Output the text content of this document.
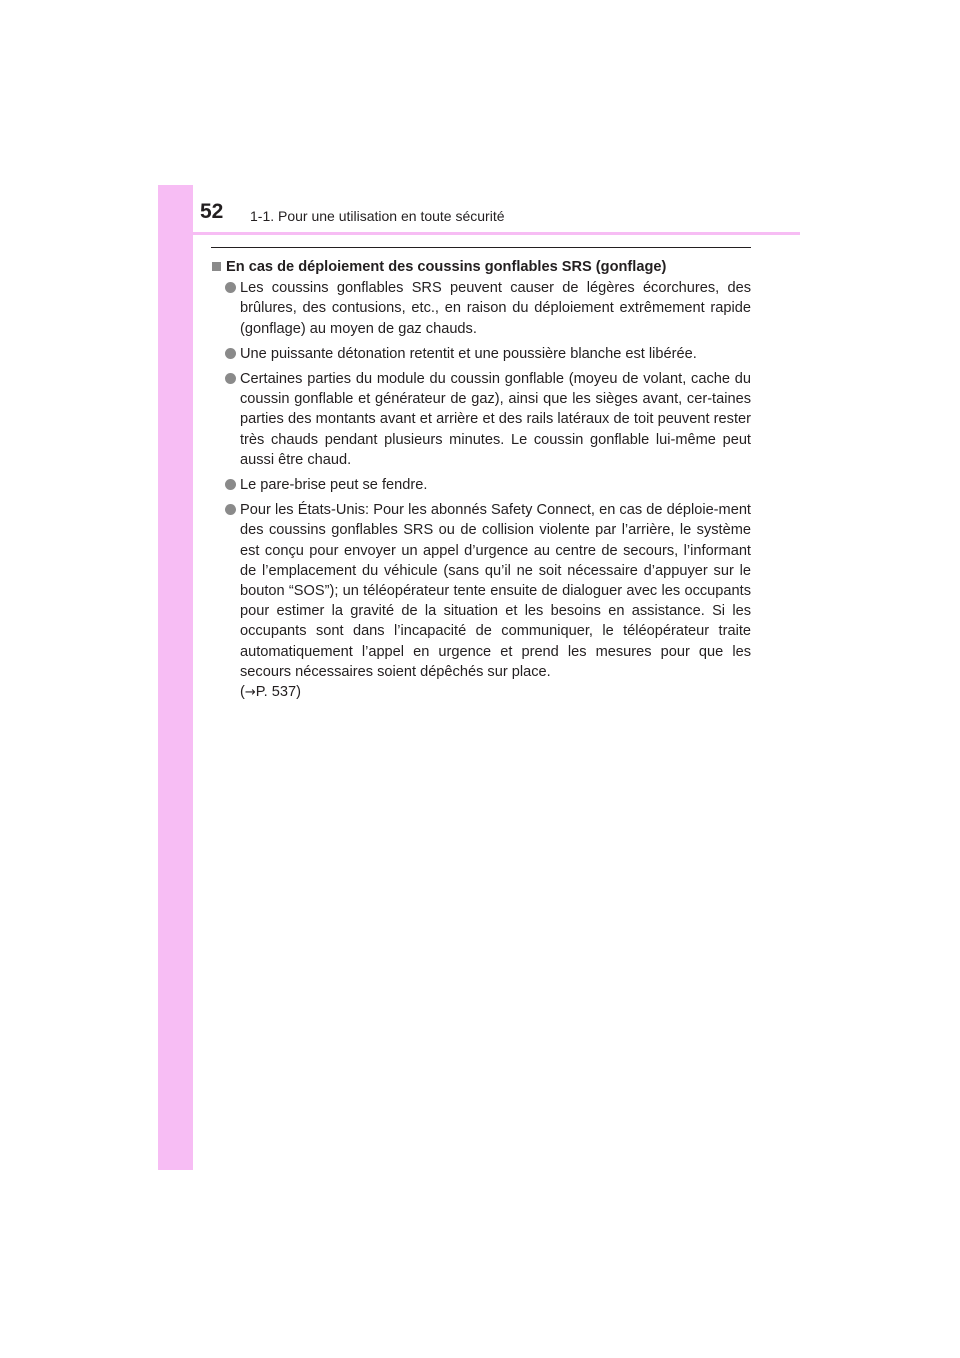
52 1-1. Pour une utilisation en toute sécurité
En cas de déploiement des coussins gonflables SRS (gonflage)
Les coussins gonflables SRS peuvent causer de légères écorchures, des brûlures, des contusions, etc., en raison du déploiement extrêmement rapide (gonflage) au moyen de gaz chauds.
Une puissante détonation retentit et une poussière blanche est libérée.
Certaines parties du module du coussin gonflable (moyeu de volant, cache du coussin gonflable et générateur de gaz), ainsi que les sièges avant, cer-taines parties des montants avant et arrière et des rails latéraux de toit peuvent rester très chauds pendant plusieurs minutes. Le coussin gonflable lui-même peut aussi être chaud.
Le pare-brise peut se fendre.
Pour les États-Unis: Pour les abonnés Safety Connect, en cas de déploie-ment des coussins gonflables SRS ou de collision violente par l’arrière, le système est conçu pour envoyer un appel d’urgence au centre de secours, l’informant de l’emplacement du véhicule (sans qu’il ne soit nécessaire d’appuyer sur le bouton “SOS”); un téléopérateur tente ensuite de dialoguer avec les occupants pour estimer la gravité de la situation et les besoins en assistance. Si les occupants sont dans l’incapacité de communiquer, le téléopérateur traite automatiquement l’appel en urgence et prend les mesures pour que les secours nécessaires soient dépêchés sur place.
(→P. 537)
